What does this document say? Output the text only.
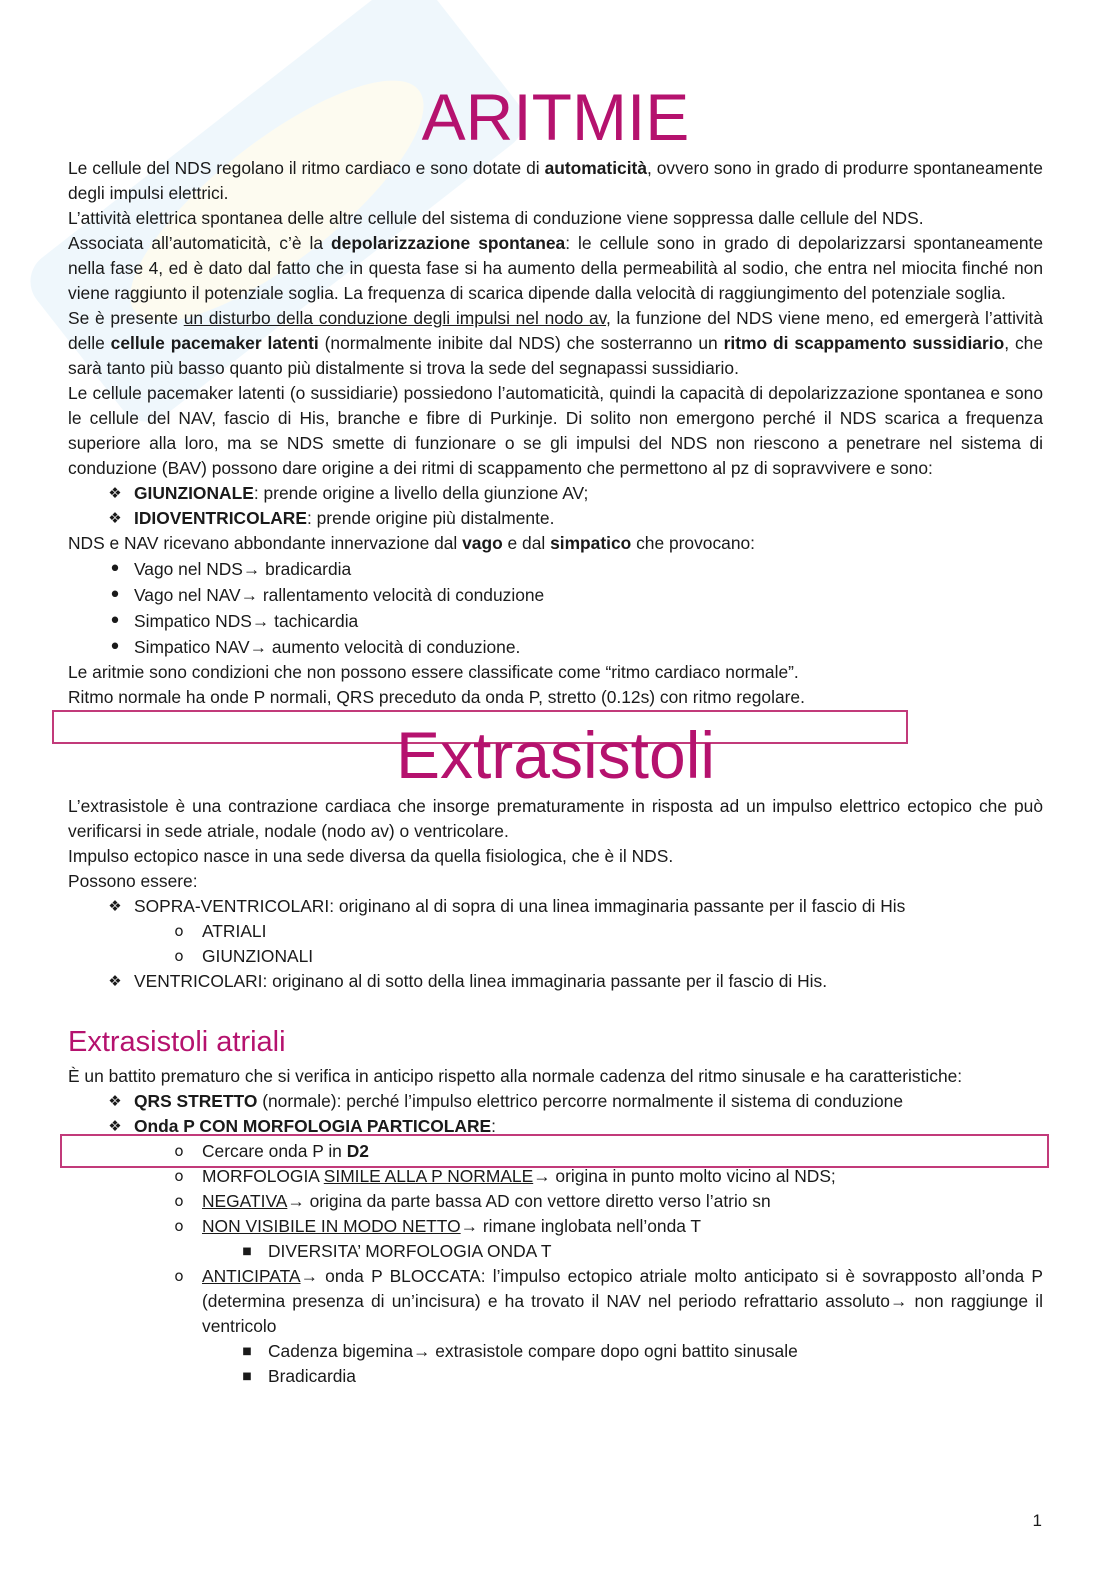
ARITMIE

Le cellule del NDS regolano il ritmo cardiaco e sono dotate di automaticità, ovvero sono in grado di produrre spontaneamente degli impulsi elettrici.

L’attività elettrica spontanea delle altre cellule del sistema di conduzione viene soppressa dalle cellule del NDS.

Associata all’automaticità, c’è la depolarizzazione spontanea: le cellule sono in grado di depolarizzarsi spontaneamente nella fase 4, ed è dato dal fatto che in questa fase si ha aumento della permeabilità al sodio, che entra nel miocita finché non viene raggiunto il potenziale soglia. La frequenza di scarica dipende dalla velocità di raggiungimento del potenziale soglia.

Se è presente un disturbo della conduzione degli impulsi nel nodo av, la funzione del NDS viene meno, ed emergerà l’attività delle cellule pacemaker latenti (normalmente inibite dal NDS) che sosterranno un ritmo di scappamento sussidiario, che sarà tanto più basso quanto più distalmente si trova la sede del segnapassi sussidiario.

Le cellule pacemaker latenti (o sussidiarie) possiedono l’automaticità, quindi la capacità di depolarizzazione spontanea e sono le cellule del NAV, fascio di His, branche e fibre di Purkinje. Di solito non emergono perché il NDS scarica a frequenza superiore alla loro, ma se NDS smette di funzionare o se gli impulsi del NDS non riescono a penetrare nel sistema di conduzione (BAV) possono dare origine a dei ritmi di scappamento che permettono al pz di sopravvivere e sono:

❖ GIUNZIONALE: prende origine a livello della giunzione AV;
❖ IDIOVENTRICOLARE: prende origine più distalmente.

NDS e NAV ricevano abbondante innervazione dal vago e dal simpatico che provocano:

• Vago nel NDS→ bradicardia
• Vago nel NAV→ rallentamento velocità di conduzione
• Simpatico NDS→ tachicardia
• Simpatico NAV→ aumento velocità di conduzione.

Le aritmie sono condizioni che non possono essere classificate come “ritmo cardiaco normale”.

Ritmo normale ha onde P normali, QRS preceduto da onda P, stretto (0.12s) con ritmo regolare.

Extrasistoli

L’extrasistole è una contrazione cardiaca che insorge prematuramente in risposta ad un impulso elettrico ectopico che può verificarsi in sede atriale, nodale (nodo av) o ventricolare.

Impulso ectopico nasce in una sede diversa da quella fisiologica, che è il NDS.

Possono essere:

❖ SOPRA-VENTRICOLARI: originano al di sopra di una linea immaginaria passante per il fascio di His
o	ATRIALI
o	GIUNZIONALI
❖ VENTRICOLARI: originano al di sotto della linea immaginaria passante per il fascio di His.
Extrasistoli atriali

È un battito prematuro che si verifica in anticipo rispetto alla normale cadenza del ritmo sinusale e ha caratteristiche:

❖ QRS STRETTO (normale): perché l’impulso elettrico percorre normalmente il sistema di conduzione
❖ Onda P CON MORFOLOGIA PARTICOLARE:
o	Cercare onda P in D2
o	MORFOLOGIA SIMILE ALLA P NORMALE→ origina in punto molto vicino al NDS;
o	NEGATIVA→ origina da parte bassa AD con vettore diretto verso l’atrio sn
o	NON VISIBILE IN MODO NETTO→ rimane inglobata nell’onda T
■ DIVERSITA’ MORFOLOGIA ONDA T
o	ANTICIPATA→ onda P BLOCCATA: l’impulso ectopico atriale molto anticipato si è sovrapposto all’onda P (determina presenza di un’incisura) e ha trovato il NAV nel periodo refrattario assoluto→ non raggiunge il ventricolo
■ Cadenza bigemina→ extrasistole compare dopo ogni battito sinusale
■ Bradicardia
1
